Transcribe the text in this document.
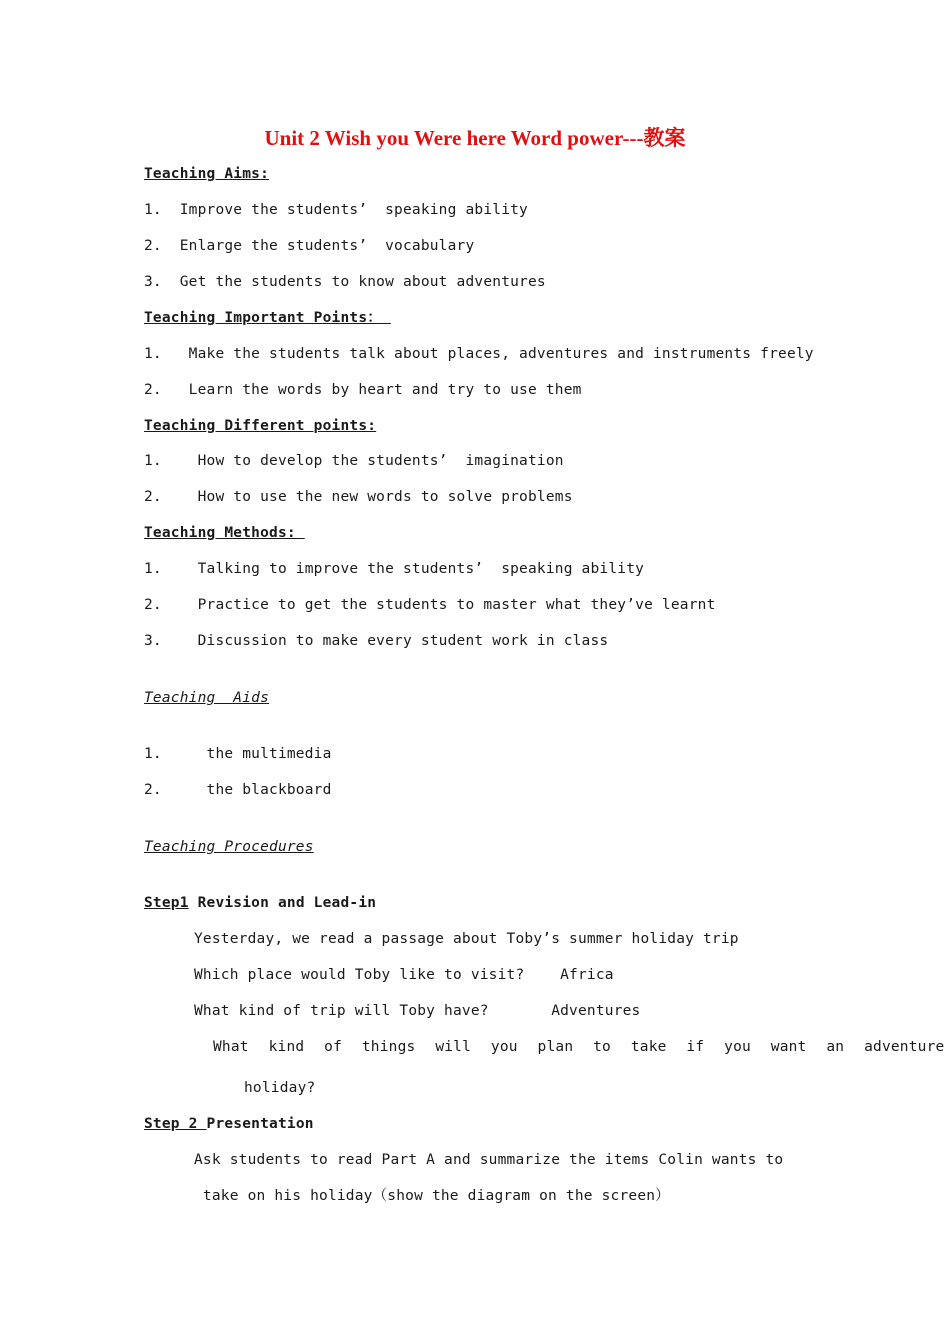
Unit 2 Wish you Were here Word power---教案
Teaching Aims:
1.  Improve the students’  speaking ability
2.  Enlarge the students’  vocabulary
3.  Get the students to know about adventures
Teaching Important Points：
1.   Make the students talk about places, adventures and instruments freely
2.   Learn the words by heart and try to use them
Teaching Different points:
1.    How to develop the students’  imagination
2.    How to use the new words to solve problems
Teaching Methods:
1.    Talking to improve the students’  speaking ability
2.    Practice to get the students to master what they’ve learnt
3.    Discussion to make every student work in class
Teaching  Aids
1.     the multimedia
2.     the blackboard
Teaching Procedures
Step1 Revision and Lead-in
Yesterday, we read a passage about Toby’s summer holiday trip
Which place would Toby like to visit?    Africa
What kind of trip will Toby have?       Adventures
What  kind  of  things  will  you  plan  to  take  if  you  want  an  adventure
holiday?
Step 2 Presentation
Ask students to read Part A and summarize the items Colin wants to
take on his holiday（show the diagram on the screen）
